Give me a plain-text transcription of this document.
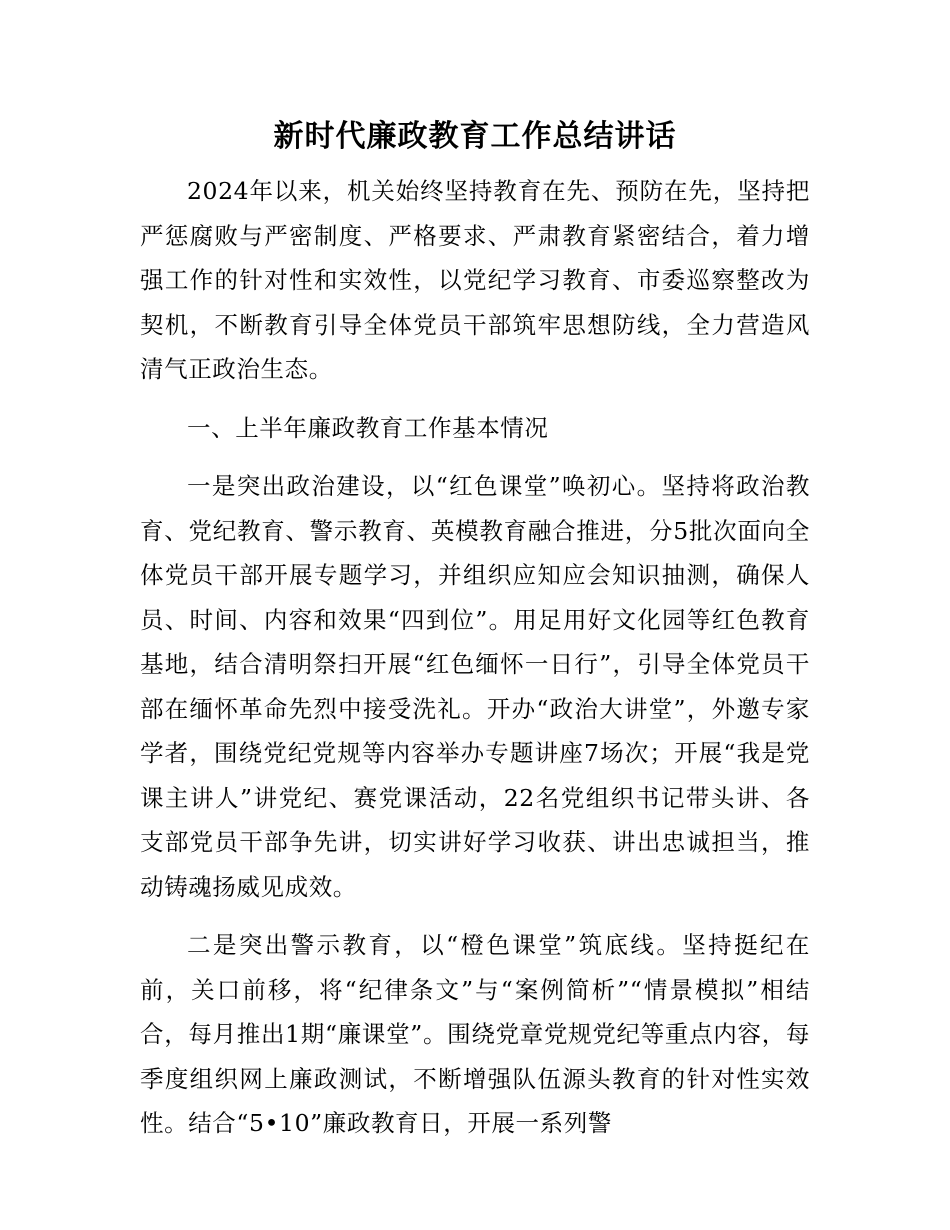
新时代廉政教育工作总结讲话

2024年以来，机关始终坚持教育在先、预防在先，坚持把严惩腐败与严密制度、严格要求、严肃教育紧密结合，着力增强工作的针对性和实效性，以党纪学习教育、市委巡察整改为契机，不断教育引导全体党员干部筑牢思想防线，全力营造风清气正政治生态。

一、上半年廉政教育工作基本情况

一是突出政治建设，以“红色课堂”唤初心。坚持将政治教育、党纪教育、警示教育、英模教育融合推进，分5批次面向全体党员干部开展专题学习，并组织应知应会知识抽测，确保人员、时间、内容和效果“四到位”。用足用好文化园等红色教育基地，结合清明祭扫开展“红色缅怀一日行”，引导全体党员干部在缅怀革命先烈中接受洗礼。开办“政治大讲堂”，外邀专家学者，围绕党纪党规等内容举办专题讲座7场次；开展“我是党课主讲人”讲党纪、赛党课活动，22名党组织书记带头讲、各支部党员干部争先讲，切实讲好学习收获、讲出忠诚担当，推动铸魂扬威见成效。

二是突出警示教育，以“橙色课堂”筑底线。坚持挺纪在前，关口前移，将“纪律条文”与“案例简析”“情景模拟”相结合，每月推出1期“廉课堂”。围绕党章党规党纪等重点内容，每季度组织网上廉政测试，不断增强队伍源头教育的针对性实效性。结合“5•10”廉政教育日，开展一系列警
